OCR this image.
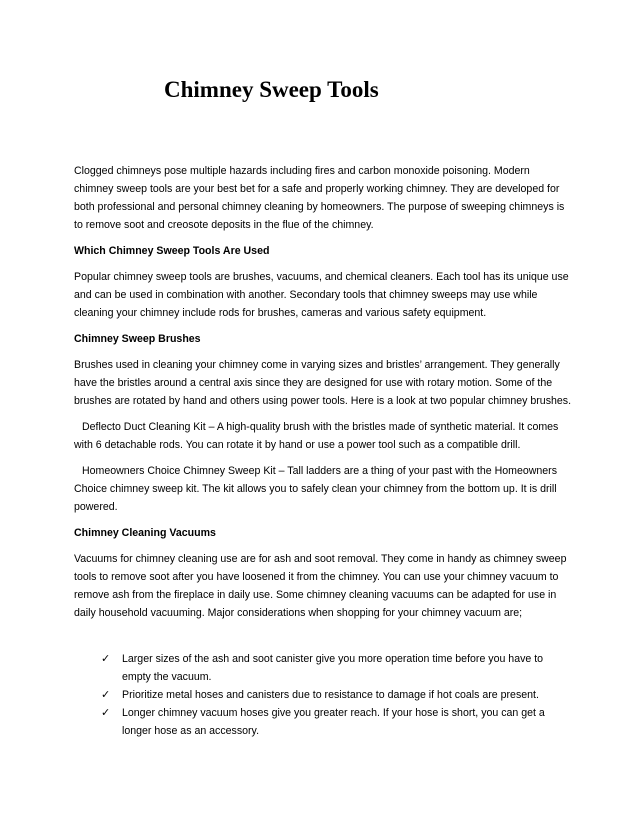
Chimney Sweep Tools

Clogged chimneys pose multiple hazards including fires and carbon monoxide poisoning. Modern chimney sweep tools are your best bet for a safe and properly working chimney. They are developed for both professional and personal chimney cleaning by homeowners. The purpose of sweeping chimneys is to remove soot and creosote deposits in the flue of the chimney.

Which Chimney Sweep Tools Are Used

Popular chimney sweep tools are brushes, vacuums, and chemical cleaners. Each tool has its unique use and can be used in combination with another. Secondary tools that chimney sweeps may use while cleaning your chimney include rods for brushes, cameras and various safety equipment.

Chimney Sweep Brushes

Brushes used in cleaning your chimney come in varying sizes and bristles’ arrangement. They generally have the bristles around a central axis since they are designed for use with rotary motion. Some of the brushes are rotated by hand and others using power tools. Here is a look at two popular chimney brushes.

Deflecto Duct Cleaning Kit – A high-quality brush with the bristles made of synthetic material. It comes with 6 detachable rods. You can rotate it by hand or use a power tool such as a compatible drill.

Homeowners Choice Chimney Sweep Kit – Tall ladders are a thing of your past with the Homeowners Choice chimney sweep kit. The kit allows you to safely clean your chimney from the bottom up. It is drill powered.

Chimney Cleaning Vacuums

Vacuums for chimney cleaning use are for ash and soot removal. They come in handy as chimney sweep tools to remove soot after you have loosened it from the chimney. You can use your chimney vacuum to remove ash from the fireplace in daily use. Some chimney cleaning vacuums can be adapted for use in daily household vacuuming. Major considerations when shopping for your chimney vacuum are;

✓ Larger sizes of the ash and soot canister give you more operation time before you have to empty the vacuum.
✓ Prioritize metal hoses and canisters due to resistance to damage if hot coals are present.
✓ Longer chimney vacuum hoses give you greater reach. If your hose is short, you can get a longer hose as an accessory.
